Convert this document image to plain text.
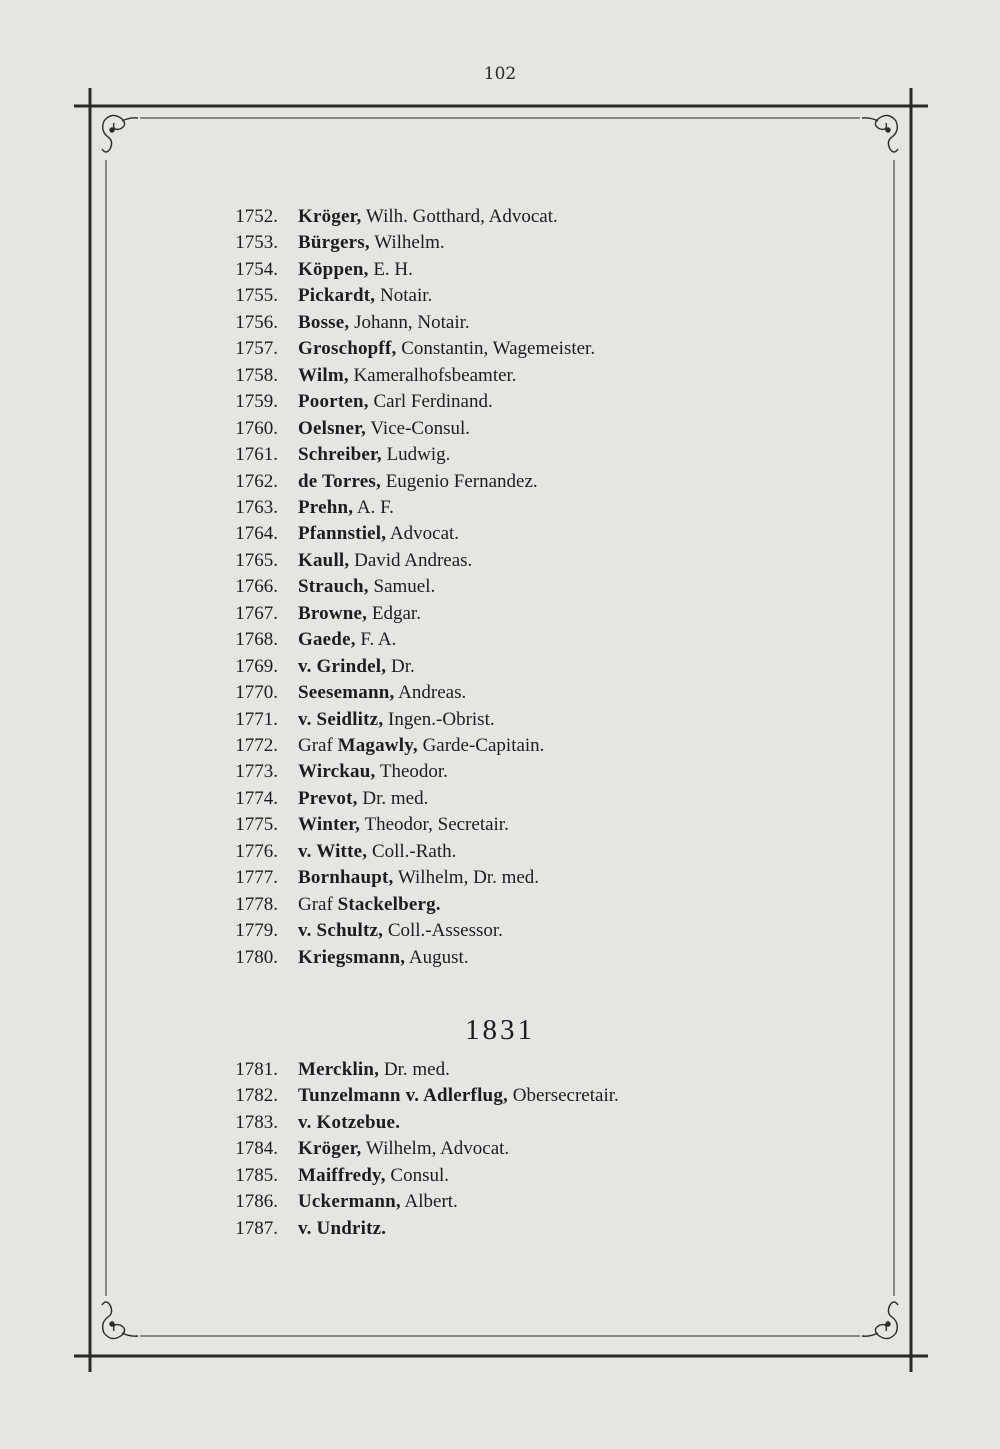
102
1752. Kröger, Wilh. Gotthard, Advocat.
1753. Bürgers, Wilhelm.
1754. Köppen, E. H.
1755. Pickardt, Notair.
1756. Bosse, Johann, Notair.
1757. Groschopff, Constantin, Wagemeister.
1758. Wilm, Kameralhofsbeamter.
1759. Poorten, Carl Ferdinand.
1760. Oelsner, Vice-Consul.
1761. Schreiber, Ludwig.
1762. de Torres, Eugenio Fernandez.
1763. Prehn, A. F.
1764. Pfannstiel, Advocat.
1765. Kaull, David Andreas.
1766. Strauch, Samuel.
1767. Browne, Edgar.
1768. Gaede, F. A.
1769. v. Grindel, Dr.
1770. Seesemann, Andreas.
1771. v. Seidlitz, Ingen.-Obrist.
1772. Graf Magawly, Garde-Capitain.
1773. Wirckau, Theodor.
1774. Prevot, Dr. med.
1775. Winter, Theodor, Secretair.
1776. v. Witte, Coll.-Rath.
1777. Bornhaupt, Wilhelm, Dr. med.
1778. Graf Stackelberg.
1779. v. Schultz, Coll.-Assessor.
1780. Kriegsmann, August.
1831
1781. Mercklin, Dr. med.
1782. Tunzelmann v. Adlerflug, Obersecretair.
1783. v. Kotzebue.
1784. Kröger, Wilhelm, Advocat.
1785. Maiffredy, Consul.
1786. Uckermann, Albert.
1787. v. Undritz.
